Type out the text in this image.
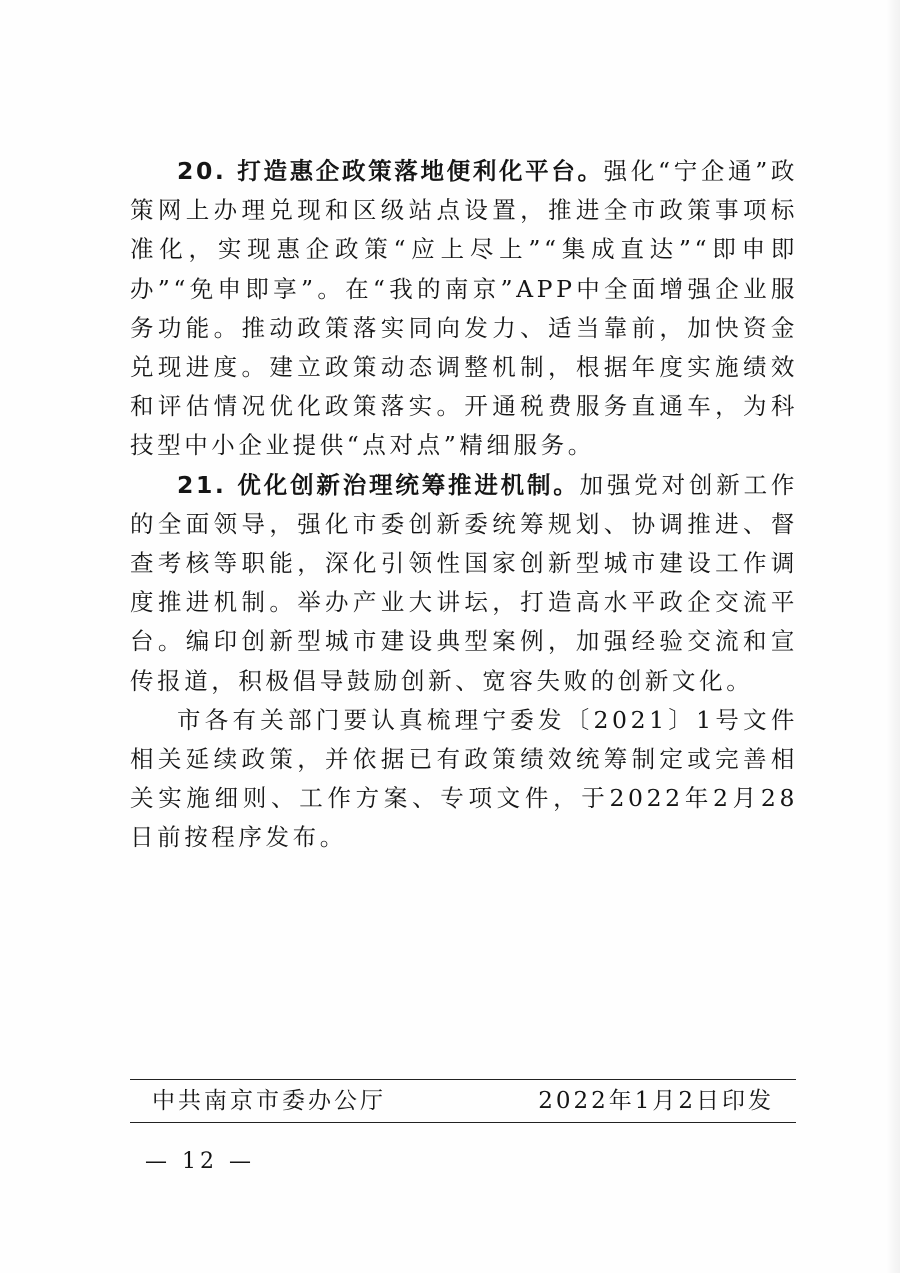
20. 打造惠企政策落地便利化平台。强化“宁企通”政策网上办理兑现和区级站点设置，推进全市政策事项标准化，实现惠企政策“应上尽上”“集成直达”“即申即办”“免申即享”。在“我的南京”APP中全面增强企业服务功能。推动政策落实同向发力、适当靠前，加快资金兑现进度。建立政策动态调整机制，根据年度实施绩效和评估情况优化政策落实。开通税费服务直通车，为科技型中小企业提供“点对点”精细服务。

21. 优化创新治理统筹推进机制。加强党对创新工作的全面领导，强化市委创新委统筹规划、协调推进、督查考核等职能，深化引领性国家创新型城市建设工作调度推进机制。举办产业大讲坛，打造高水平政企交流平台。编印创新型城市建设典型案例，加强经验交流和宣传报道，积极倡导鼓励创新、宽容失败的创新文化。

市各有关部门要认真梳理宁委发〔2021〕1号文件相关延续政策，并依据已有政策绩效统筹制定或完善相关实施细则、工作方案、专项文件，于2022年2月28日前按程序发布。

中共南京市委办公厅	2022年1月2日印发
— 12 —
